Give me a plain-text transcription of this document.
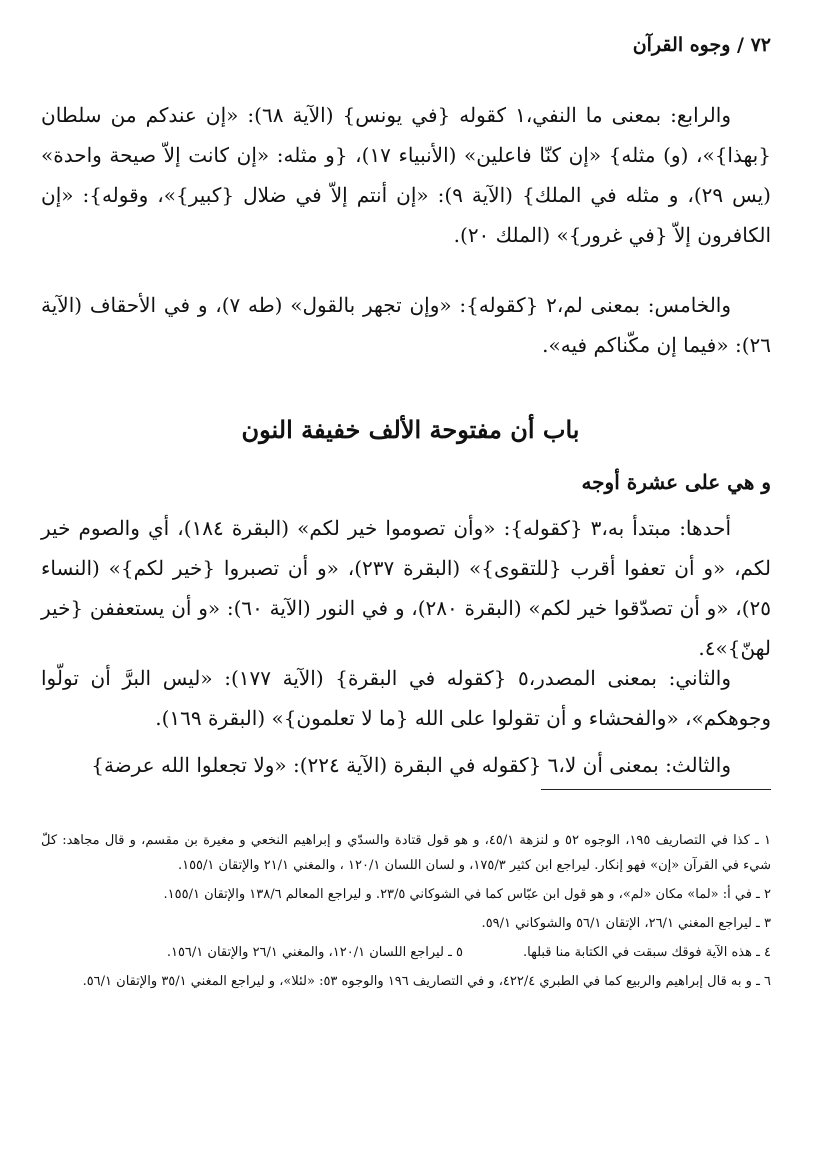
٧٢ / وجوه القرآن

والرابع: بمعنى ما النفي،١ كقوله {في يونس} (الآية ٦٨): «إن عندكم من سلطان {بهذا}»، (و) مثله} «إن كنّا فاعلين» (الأنبياء ١٧)، {و مثله: «إن كانت إلاّ صيحة واحدة» (يس ٢٩)، و مثله في الملك} (الآية ٩): «إن أنتم إلاّ في ضلال {كبير}»، وقوله}: «إن الكافرون إلاّ {في غرور}» (الملك ٢٠).

والخامس: بمعنى لم،٢ {كقوله}: «وإن تجهر بالقول» (طه ٧)، و في الأحقاف (الآية ٢٦): «فيما إن مكّناكم فيه».

باب أن مفتوحة الألف خفيفة النون
و هي على عشرة أوجه

أحدها: مبتدأ به،٣ {كقوله}: «وأن تصوموا خير لكم» (البقرة ١٨٤)، أي والصوم خير لكم، «و أن تعفوا أقرب {للتقوى}» (البقرة ٢٣٧)، «و أن تصبروا {خير لكم}» (النساء ٢٥)، «و أن تصدّقوا خير لكم» (البقرة ٢٨٠)، و في النور (الآية ٦٠): «و أن يستعففن {خير لهنّ}»٤.

والثاني: بمعنى المصدر،٥ {كقوله في البقرة} (الآية ١٧٧): «ليس البرَّ أن تولّوا وجوهكم»، «والفحشاء و أن تقولوا على الله {ما لا تعلمون}» (البقرة ١٦٩).

والثالث: بمعنى أن لا،٦ {كقوله في البقرة (الآية ٢٢٤): «ولا تجعلوا الله عرضة}

١ ـ كذا في التصاريف ١٩٥، الوجوه ٥٢ و لنزهة ٤٥/١، و هو قول قتادة والسدّي و إبراهيم النخعي و مغيرة بن مقسم، و قال مجاهد: كلّ شيء في القرآن «إن» فهو إنكار. ليراجع ابن كثير ١٧٥/٣، و لسان اللسان ١٢٠/١ ، والمغني ٢١/١ والإتقان ١٥٥/١.

٢ ـ في أ: «لما» مكان «لم»، و هو قول ابن عبّاس كما في الشوكاني ٢٣/٥. و ليراجع المعالم ١٣٨/٦ والإتقان ١٥٥/١.

٣ ـ ليراجع المغني ٢٦/١، الإتقان ٥٦/١ والشوكاني ٥٩/١.

٤ ـ هذه الآية فوقك سبقت في الكتابة منا قبلها.
٥ ـ ليراجع اللسان ١٢٠/١، والمغني ٢٦/١ والإتقان ١٥٦/١.

٦ ـ و به قال إبراهيم والربيع كما في الطبري ٤٢٢/٤، و في التصاريف ١٩٦ والوجوه ٥٣: «لئلا»، و ليراجع المغني ٣٥/١ والإتقان ٥٦/١.
